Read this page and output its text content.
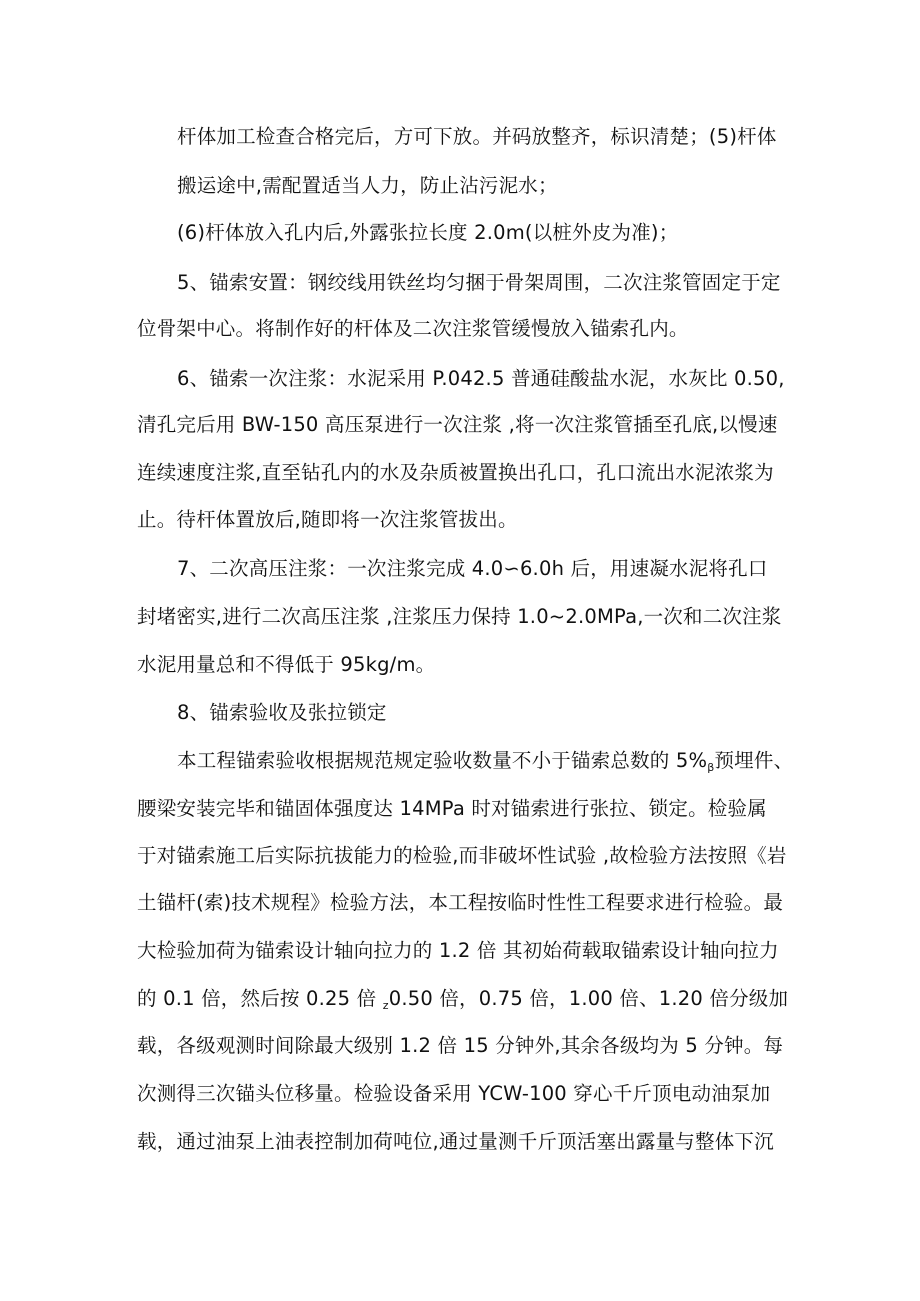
杆体加工检查合格完后，方可下放。并码放整齐，标识清楚；(5)杆体
搬运途中,需配置适当人力，防止沾污泥水；
(6)杆体放入孔内后,外露张拉长度 2.0m(以桩外皮为准)；
5、锚索安置：钢绞线用铁丝均匀捆于骨架周围，二次注浆管固定于定
位骨架中心。将制作好的杆体及二次注浆管缓慢放入锚索孔内。
6、锚索一次注浆：水泥采用 P.042.5 普通硅酸盐水泥，水灰比 0.50,
清孔完后用 BW-150 高压泵进行一次注浆 ,将一次注浆管插至孔底,以慢速
连续速度注浆,直至钻孔内的水及杂质被置换出孔口，孔口流出水泥浓浆为
止。待杆体置放后,随即将一次注浆管拔出。
7、二次高压注浆：一次注浆完成 4.0∽6.0h 后，用速凝水泥将孔口
封堵密实,进行二次高压注浆 ,注浆压力保持 1.0~2.0MPa,一次和二次注浆
水泥用量总和不得低于 95kg/m。
8、锚索验收及张拉锁定
本工程锚索验收根据规范规定验收数量不小于锚索总数的 $5\%_\beta$预埋件、
腰梁安装完毕和锚固体强度达 14MPa 时对锚索进行张拉、锁定。检验属
于对锚索施工后实际抗拔能力的检验,而非破坏性试验 ,故检验方法按照《岩
土锚杆(索)技术规程》检验方法，本工程按临时性性工程要求进行检验。最
大检验加荷为锚索设计轴向拉力的 1.2 倍 其初始荷载取锚索设计轴向拉力
的 0.1 倍，然后按 0.25 倍 $_z$0.50 倍，0.75 倍，1.00 倍、1.20 倍分级加
载，各级观测时间除最大级别 1.2 倍 15 分钟外,其余各级均为 5 分钟。每
次测得三次锚头位移量。检验设备采用 YCW-100 穿心千斤顶电动油泵加
载，通过油泵上油表控制加荷吨位,通过量测千斤顶活塞出露量与整体下沉
